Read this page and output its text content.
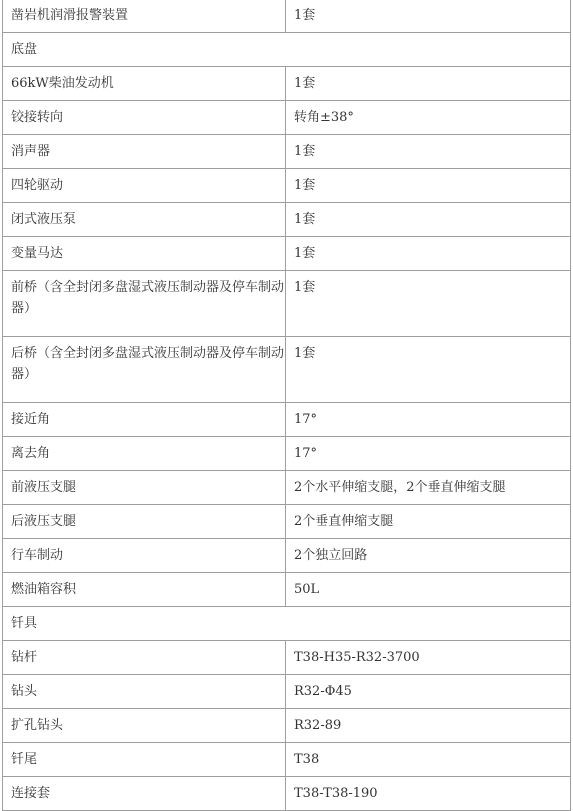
凿岩机润滑报警装置	1套
底盘	
66kW柴油发动机	1套
铰接转向	转角±38°
消声器	1套
四轮驱动	1套
闭式液压泵	1套
变量马达	1套
前桥（含全封闭多盘湿式液压制动器及停车制动器）	1套
后桥（含全封闭多盘湿式液压制动器及停车制动器）	1套
接近角	17°
离去角	17°
前液压支腿	2个水平伸缩支腿，2个垂直伸缩支腿
后液压支腿	2个垂直伸缩支腿
行车制动	2个独立回路
燃油箱容积	50L
钎具	
钻杆	T38-H35-R32-3700
钻头	R32-Φ45
扩孔钻头	R32-89
钎尾	T38
连接套	T38-T38-190
